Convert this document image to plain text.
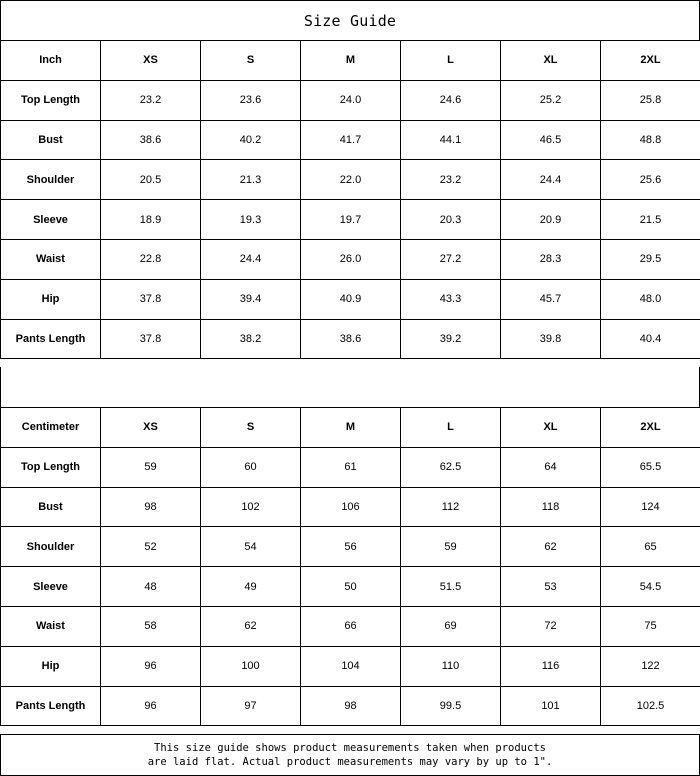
Size Guide
Inch	XS	S	M	L	XL	2XL
Top Length	23.2	23.6	24.0	24.6	25.2	25.8
Bust	38.6	40.2	41.7	44.1	46.5	48.8
Shoulder	20.5	21.3	22.0	23.2	24.4	25.6
Sleeve	18.9	19.3	19.7	20.3	20.9	21.5
Waist	22.8	24.4	26.0	27.2	28.3	29.5
Hip	37.8	39.4	40.9	43.3	45.7	48.0
Pants Length	37.8	38.2	38.6	39.2	39.8	40.4
Centimeter	XS	S	M	L	XL	2XL
Top Length	59	60	61	62.5	64	65.5
Bust	98	102	106	112	118	124
Shoulder	52	54	56	59	62	65
Sleeve	48	49	50	51.5	53	54.5
Waist	58	62	66	69	72	75
Hip	96	100	104	110	116	122
Pants Length	96	97	98	99.5	101	102.5
This size guide shows product measurements taken when products
are laid flat. Actual product measurements may vary by up to 1".
